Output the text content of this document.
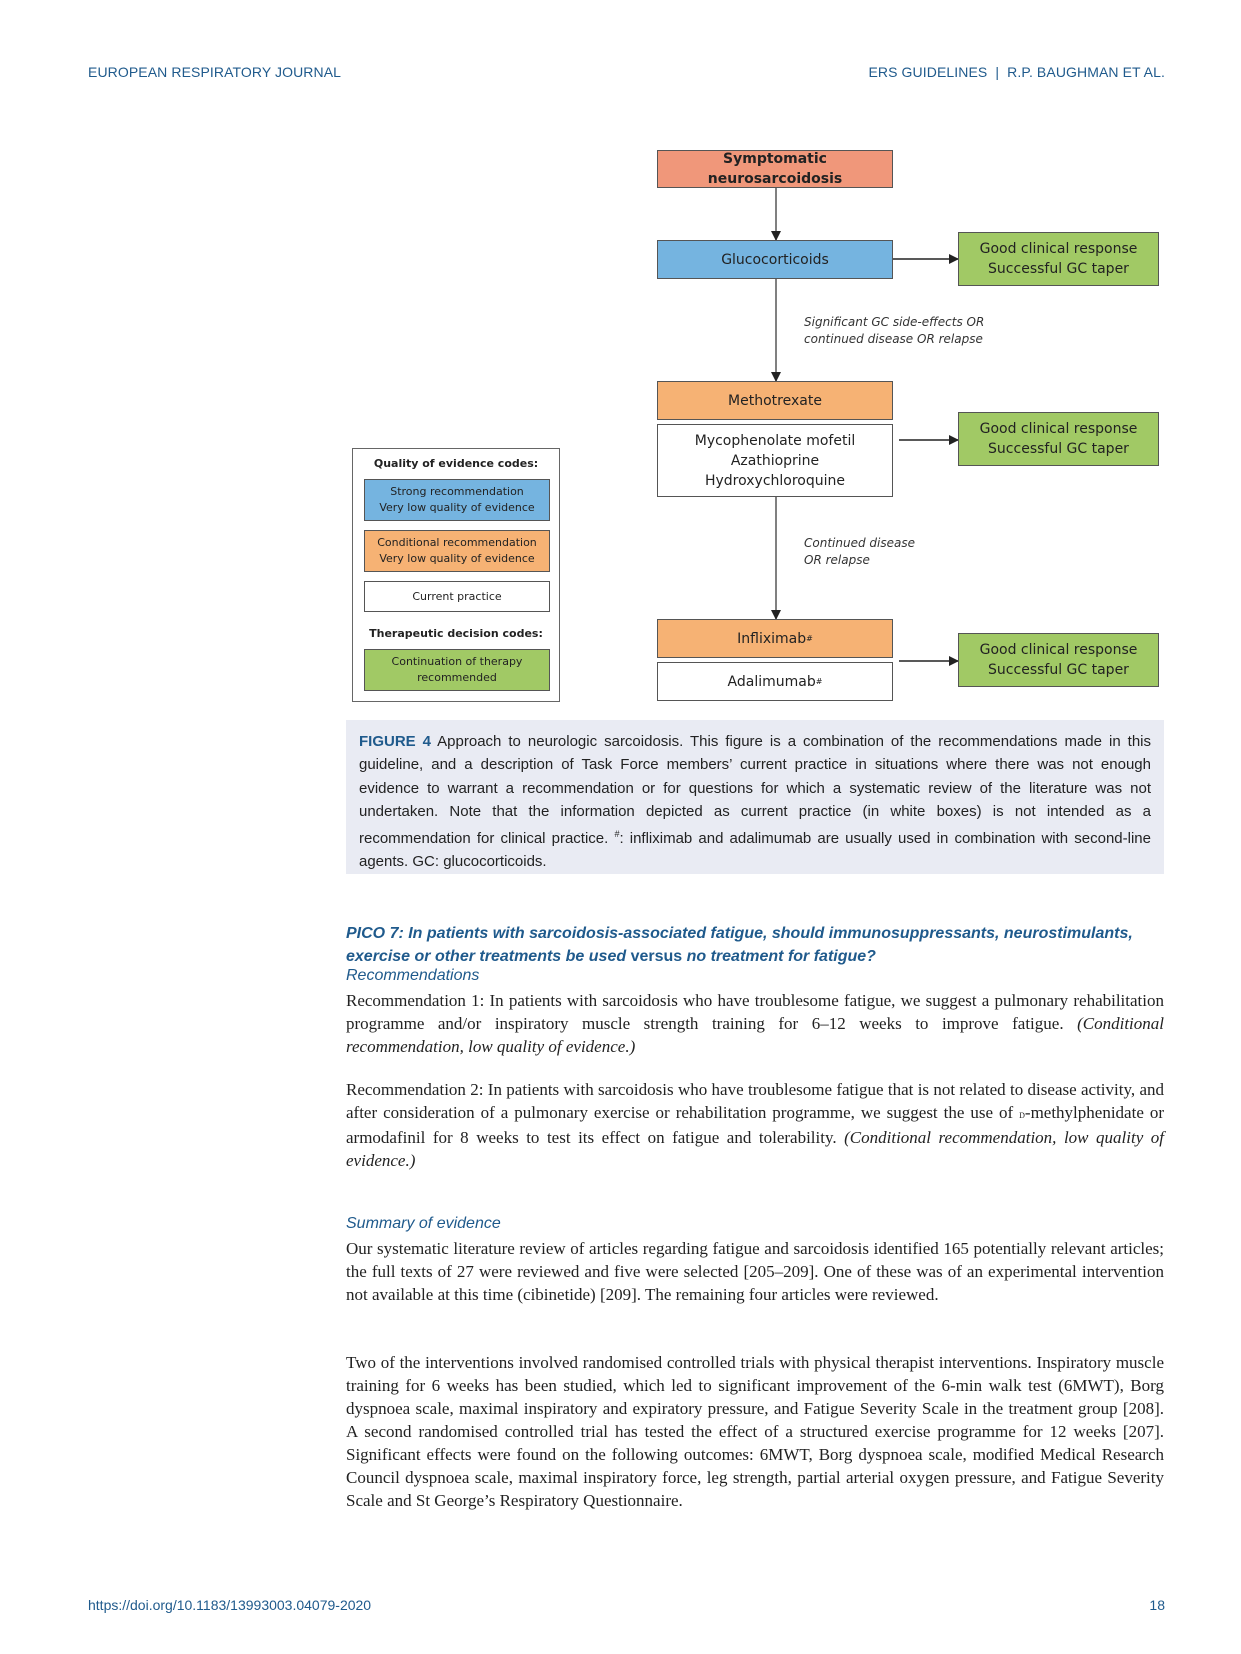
EUROPEAN RESPIRATORY JOURNAL	ERS GUIDELINES | R.P. BAUGHMAN ET AL.
Symptomatic neurosarcoidosis
Glucocorticoids
Good clinical response
Successful GC taper
Significant GC side-effects OR
continued disease OR relapse
Methotrexate
Mycophenolate mofetil
Azathioprine
Hydroxychloroquine
Good clinical response
Successful GC taper
Continued disease
OR relapse
Infliximab #
Adalimumab #
Good clinical response
Successful GC taper
Quality of evidence codes:
Strong recommendation
Very low quality of evidence
Conditional recommendation
Very low quality of evidence
Current practice
Therapeutic decision codes:
Continuation of therapy
recommended
FIGURE 4 Approach to neurologic sarcoidosis. This figure is a combination of the recommendations made in this guideline, and a description of Task Force members’ current practice in situations where there was not enough evidence to warrant a recommendation or for questions for which a systematic review of the literature was not undertaken. Note that the information depicted as current practice (in white boxes) is not intended as a recommendation for clinical practice. #: infliximab and adalimumab are usually used in combination with second-line agents. GC: glucocorticoids.
PICO 7: In patients with sarcoidosis-associated fatigue, should immunosuppressants, neurostimulants, exercise or other treatments be used versus no treatment for fatigue?
Recommendations
Recommendation 1: In patients with sarcoidosis who have troublesome fatigue, we suggest a pulmonary rehabilitation programme and/or inspiratory muscle strength training for 6–12 weeks to improve fatigue. (Conditional recommendation, low quality of evidence.)
Recommendation 2: In patients with sarcoidosis who have troublesome fatigue that is not related to disease activity, and after consideration of a pulmonary exercise or rehabilitation programme, we suggest the use of d-methylphenidate or armodafinil for 8 weeks to test its effect on fatigue and tolerability. (Conditional recommendation, low quality of evidence.)
Summary of evidence
Our systematic literature review of articles regarding fatigue and sarcoidosis identified 165 potentially relevant articles; the full texts of 27 were reviewed and five were selected [205–209]. One of these was of an experimental intervention not available at this time (cibinetide) [209]. The remaining four articles were reviewed.
Two of the interventions involved randomised controlled trials with physical therapist interventions. Inspiratory muscle training for 6 weeks has been studied, which led to significant improvement of the 6-min walk test (6MWT), Borg dyspnoea scale, maximal inspiratory and expiratory pressure, and Fatigue Severity Scale in the treatment group [208]. A second randomised controlled trial has tested the effect of a structured exercise programme for 12 weeks [207]. Significant effects were found on the following outcomes: 6MWT, Borg dyspnoea scale, modified Medical Research Council dyspnoea scale, maximal inspiratory force, leg strength, partial arterial oxygen pressure, and Fatigue Severity Scale and St George’s Respiratory Questionnaire.
https://doi.org/10.1183/13993003.04079-2020	18
